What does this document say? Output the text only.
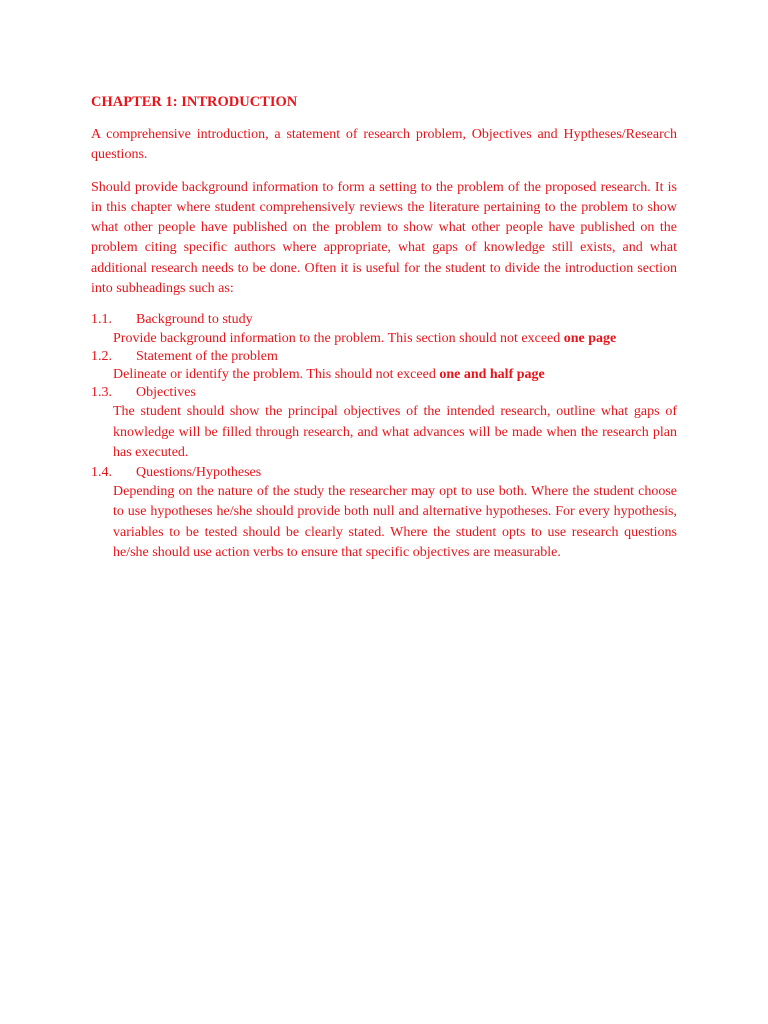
CHAPTER 1: INTRODUCTION

A comprehensive introduction, a statement of research problem, Objectives and Hyptheses/Research questions.

Should provide background information to form a setting to the problem of the proposed research. It is in this chapter where student comprehensively reviews the literature pertaining to the problem to show what other people have published on the problem to show what other people have published on the problem citing specific authors where appropriate, what gaps of knowledge still exists, and what additional research needs to be done. Often it is useful for the student to divide the introduction section into subheadings such as:

1.1.	Background to study
Provide background information to the problem. This section should not exceed one page
1.2.	Statement of the problem
Delineate or identify the problem. This should not exceed one and half page
1.3.	Objectives
The student should show the principal objectives of the intended research, outline what gaps of knowledge will be filled through research, and what advances will be made when the research plan has executed.
1.4.	Questions/Hypotheses
Depending on the nature of the study the researcher may opt to use both. Where the student choose to use hypotheses he/she should provide both null and alternative hypotheses. For every hypothesis, variables to be tested should be clearly stated. Where the student opts to use research questions he/she should use action verbs to ensure that specific objectives are measurable.
